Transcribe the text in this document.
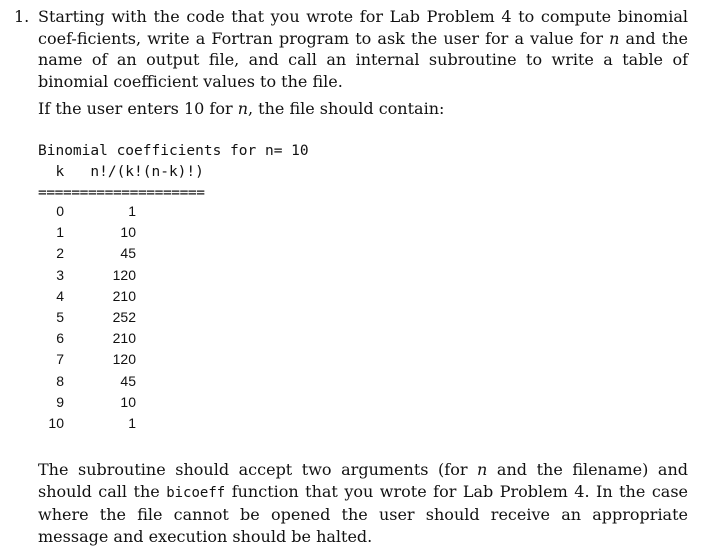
1. Starting with the code that you wrote for Lab Problem 4 to compute binomial coef-ficients, write a Fortran program to ask the user for a value for n and the name of an output file, and call an internal subroutine to write a table of binomial coefficient values to the file.
If the user enters 10 for n, the file should contain:
The subroutine should accept two arguments (for n and the filename) and should call the bicoeff function that you wrote for Lab Problem 4. In the case where the file cannot be opened the user should receive an appropriate message and execution should be halted.

Binomial coefficients for n= 10

k   n!/(k!(n-k)!)

====================

0	1
1	10
2	45
3	120
4	210
5	252
6	210
7	120
8	45
9	10
10	1
